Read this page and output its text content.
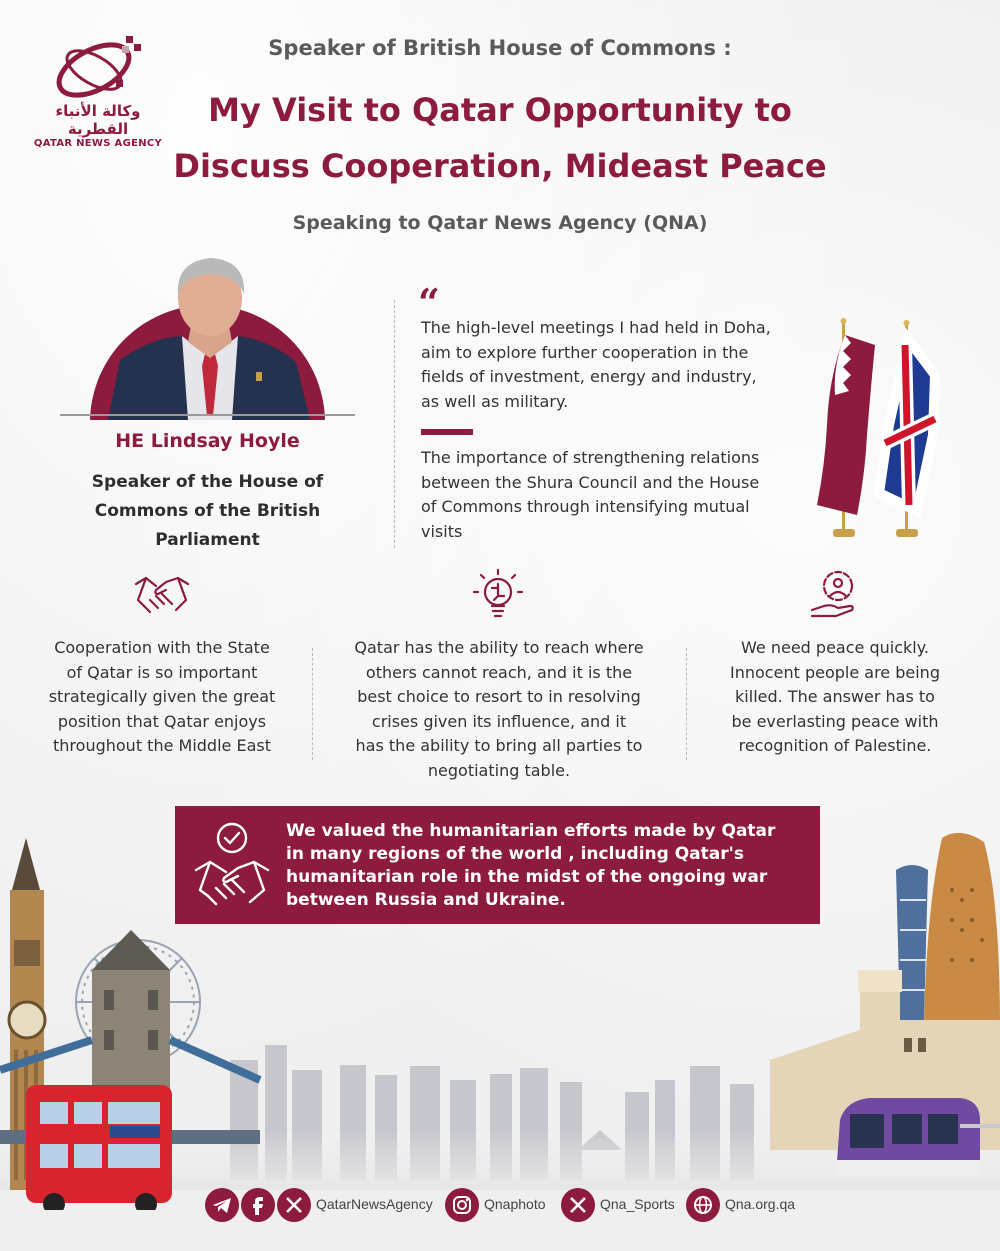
وكالة الأنباء القطرية
QATAR NEWS AGENCY
Speaker of British House of Commons :
My Visit to Qatar Opportunity to
Discuss Cooperation, Mideast Peace
Speaking to Qatar News Agency (QNA)
HE Lindsay Hoyle
Speaker of the House of
Commons of the British
Parliament
“
The high-level meetings I had held in Doha,
aim to explore further cooperation in the
fields of investment, energy and industry,
as well as military.
The importance of strengthening relations
between the Shura Council and the House
of Commons through intensifying mutual
visits
Cooperation with the State
of Qatar is so important
strategically given the great
position that Qatar enjoys
throughout the Middle East
Qatar has the ability to reach where
others cannot reach, and it is the
best choice to resort to in resolving
crises given its influence, and it
has the ability to bring all parties to
negotiating table.
We need peace quickly.
Innocent people are being
killed. The answer has to
be everlasting peace with
recognition of Palestine.
We valued the humanitarian efforts made by Qatar
in many regions of the world , including Qatar's
humanitarian role in the midst of the ongoing war
between Russia and Ukraine.
QatarNewsAgency	Qnaphoto	Qna_Sports	Qna.org.qa
